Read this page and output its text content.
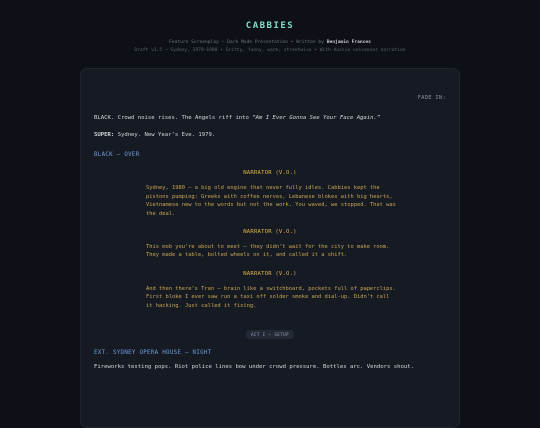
CABBIES
Feature Screenplay — Dark Mode Presentation • Written by Benjamin Frances
Draft v1.5 — Sydney, 1979–1980 • Gritty, funny, warm, streetwise • With Aussie voiceover narration
FADE IN:
BLACK. Crowd noise rises. The Angels riff into “Am I Ever Gonna See Your Face Again.”
SUPER: Sydney. New Year’s Eve. 1979.
BLACK — OVER
NARRATOR (V.O.)
Sydney, 1980 — a big old engine that never fully idles. Cabbies kept the pistons pumping: Greeks with coffee nerves, Lebanese blokes with big hearts, Vietnamese new to the words but not the work. You waved, we stopped. That was the deal.
NARRATOR (V.O.)
This mob you’re about to meet — they didn’t wait for the city to make room. They made a table, bolted wheels on it, and called it a shift.
NARRATOR (V.O.)
And then there’s Tran — brain like a switchboard, pockets full of paperclips. First bloke I ever saw run a taxi off solder smoke and dial-up. Didn’t call it hacking. Just called it fixing.
ACT I — SETUP
EXT. SYDNEY OPERA HOUSE — NIGHT
Fireworks testing pops. Riot police lines bow under crowd pressure. Bottles arc. Vendors shout.
